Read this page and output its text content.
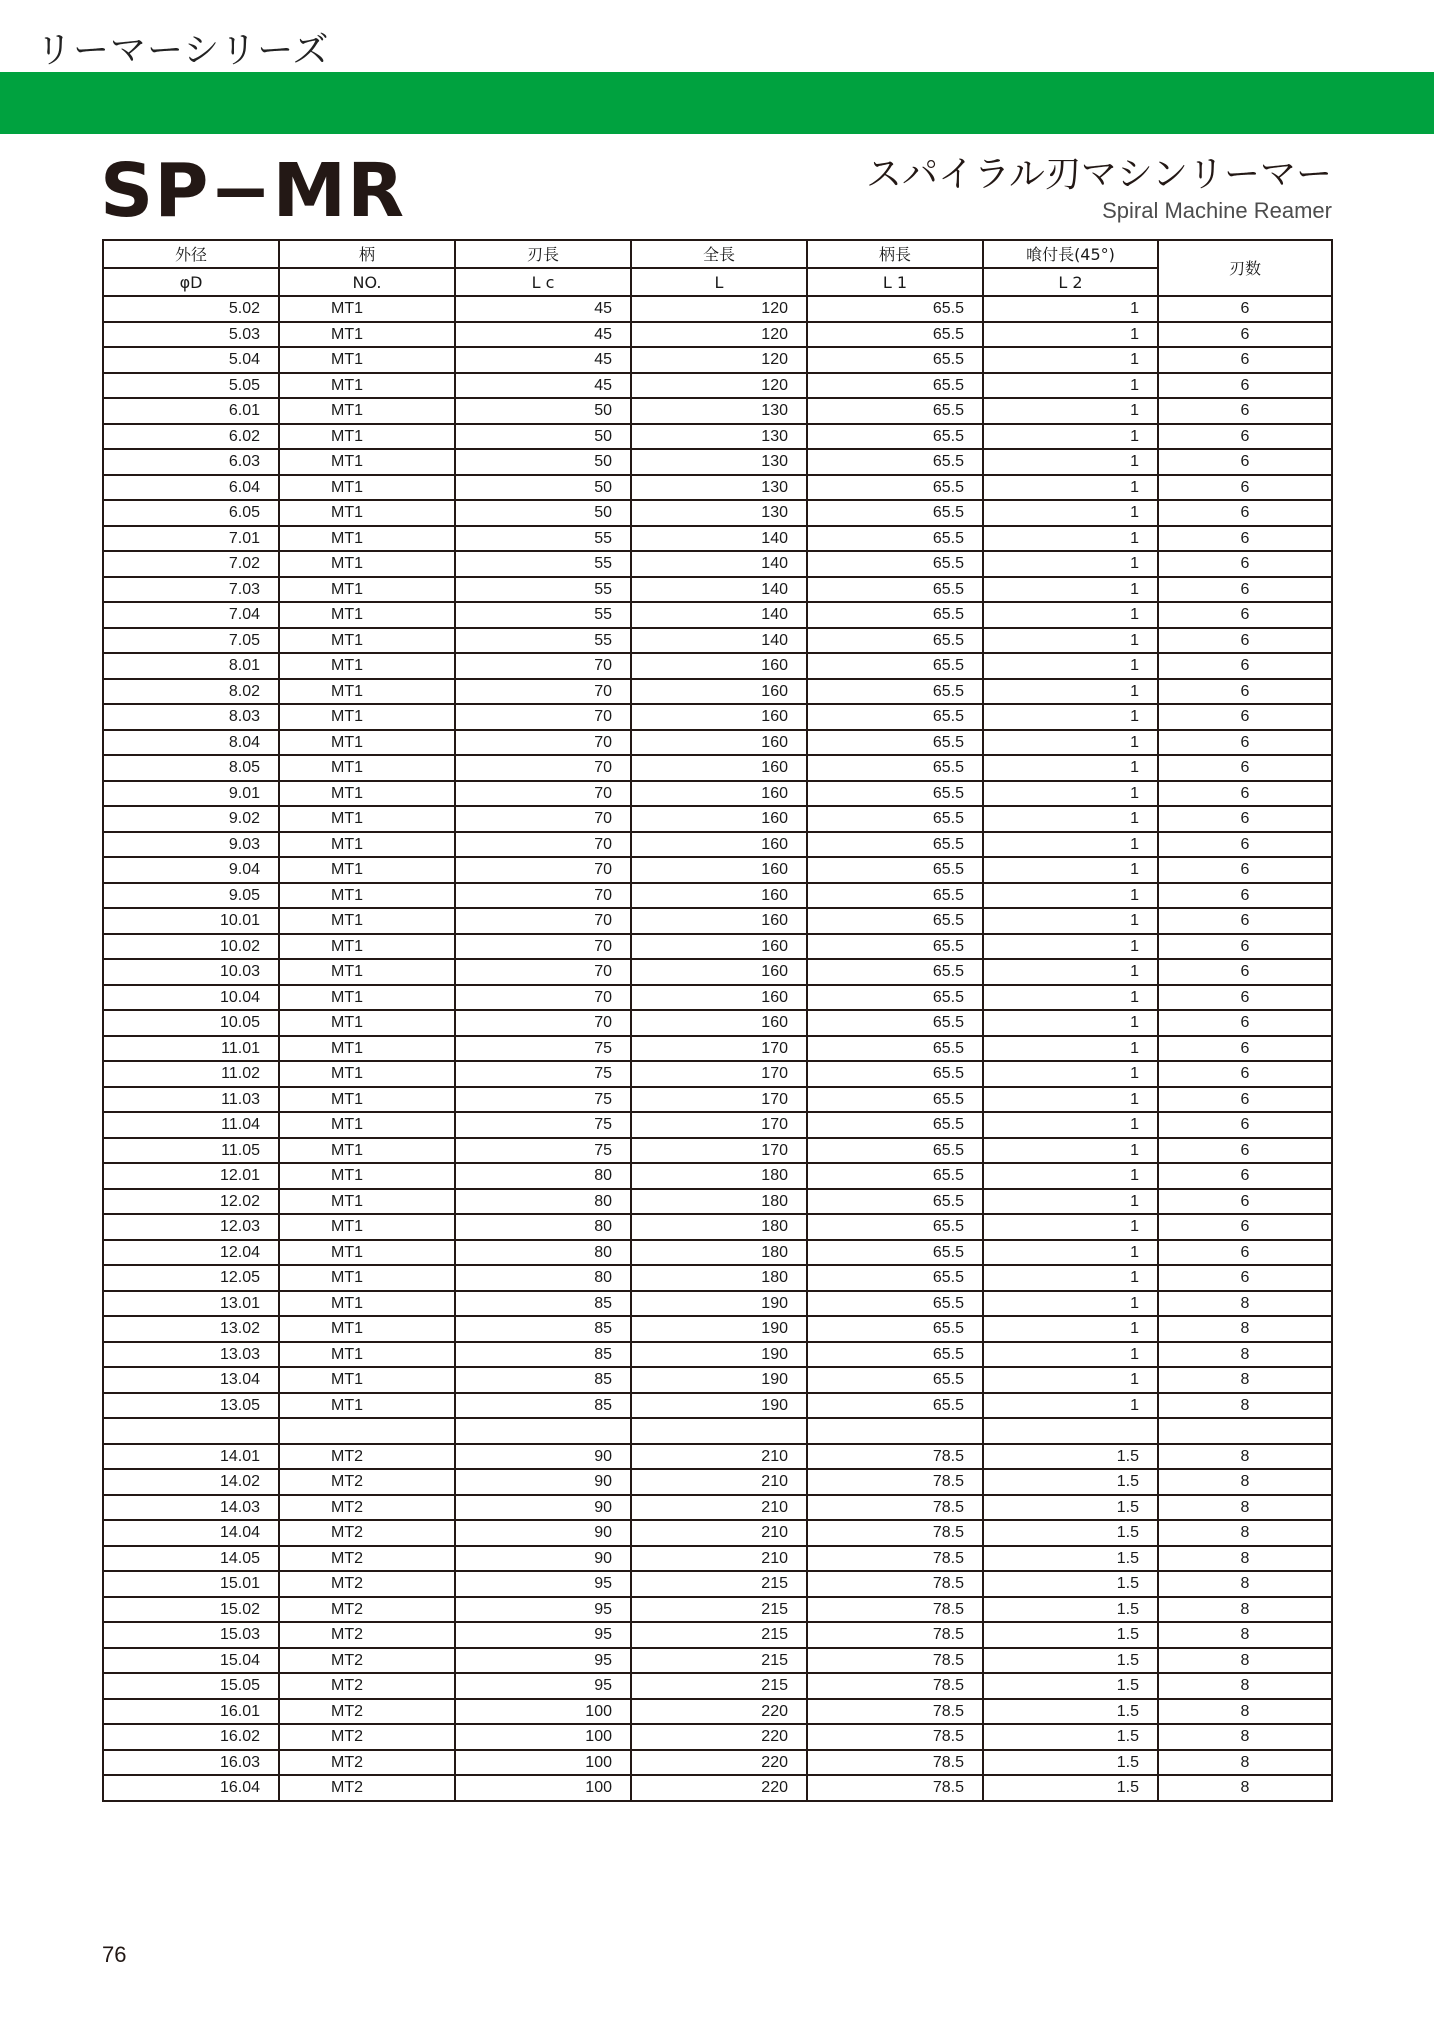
リーマーシリーズ
SP−MR	スパイラル刃マシンリーマー
Spiral Machine Reamer
外径	柄	刃長	全長	柄長	喰付長(45°)	刃数
φD	NO.	L c	L	L 1	L 2	
5.02	MT1	45	120	65.5	1	6
5.03	MT1	45	120	65.5	1	6
5.04	MT1	45	120	65.5	1	6
5.05	MT1	45	120	65.5	1	6
6.01	MT1	50	130	65.5	1	6
6.02	MT1	50	130	65.5	1	6
6.03	MT1	50	130	65.5	1	6
6.04	MT1	50	130	65.5	1	6
6.05	MT1	50	130	65.5	1	6
7.01	MT1	55	140	65.5	1	6
7.02	MT1	55	140	65.5	1	6
7.03	MT1	55	140	65.5	1	6
7.04	MT1	55	140	65.5	1	6
7.05	MT1	55	140	65.5	1	6
8.01	MT1	70	160	65.5	1	6
8.02	MT1	70	160	65.5	1	6
8.03	MT1	70	160	65.5	1	6
8.04	MT1	70	160	65.5	1	6
8.05	MT1	70	160	65.5	1	6
9.01	MT1	70	160	65.5	1	6
9.02	MT1	70	160	65.5	1	6
9.03	MT1	70	160	65.5	1	6
9.04	MT1	70	160	65.5	1	6
9.05	MT1	70	160	65.5	1	6
10.01	MT1	70	160	65.5	1	6
10.02	MT1	70	160	65.5	1	6
10.03	MT1	70	160	65.5	1	6
10.04	MT1	70	160	65.5	1	6
10.05	MT1	70	160	65.5	1	6
11.01	MT1	75	170	65.5	1	6
11.02	MT1	75	170	65.5	1	6
11.03	MT1	75	170	65.5	1	6
11.04	MT1	75	170	65.5	1	6
11.05	MT1	75	170	65.5	1	6
12.01	MT1	80	180	65.5	1	6
12.02	MT1	80	180	65.5	1	6
12.03	MT1	80	180	65.5	1	6
12.04	MT1	80	180	65.5	1	6
12.05	MT1	80	180	65.5	1	6
13.01	MT1	85	190	65.5	1	8
13.02	MT1	85	190	65.5	1	8
13.03	MT1	85	190	65.5	1	8
13.04	MT1	85	190	65.5	1	8
13.05	MT1	85	190	65.5	1	8

14.01	MT2	90	210	78.5	1.5	8
14.02	MT2	90	210	78.5	1.5	8
14.03	MT2	90	210	78.5	1.5	8
14.04	MT2	90	210	78.5	1.5	8
14.05	MT2	90	210	78.5	1.5	8
15.01	MT2	95	215	78.5	1.5	8
15.02	MT2	95	215	78.5	1.5	8
15.03	MT2	95	215	78.5	1.5	8
15.04	MT2	95	215	78.5	1.5	8
15.05	MT2	95	215	78.5	1.5	8
16.01	MT2	100	220	78.5	1.5	8
16.02	MT2	100	220	78.5	1.5	8
16.03	MT2	100	220	78.5	1.5	8
16.04	MT2	100	220	78.5	1.5	8
76
